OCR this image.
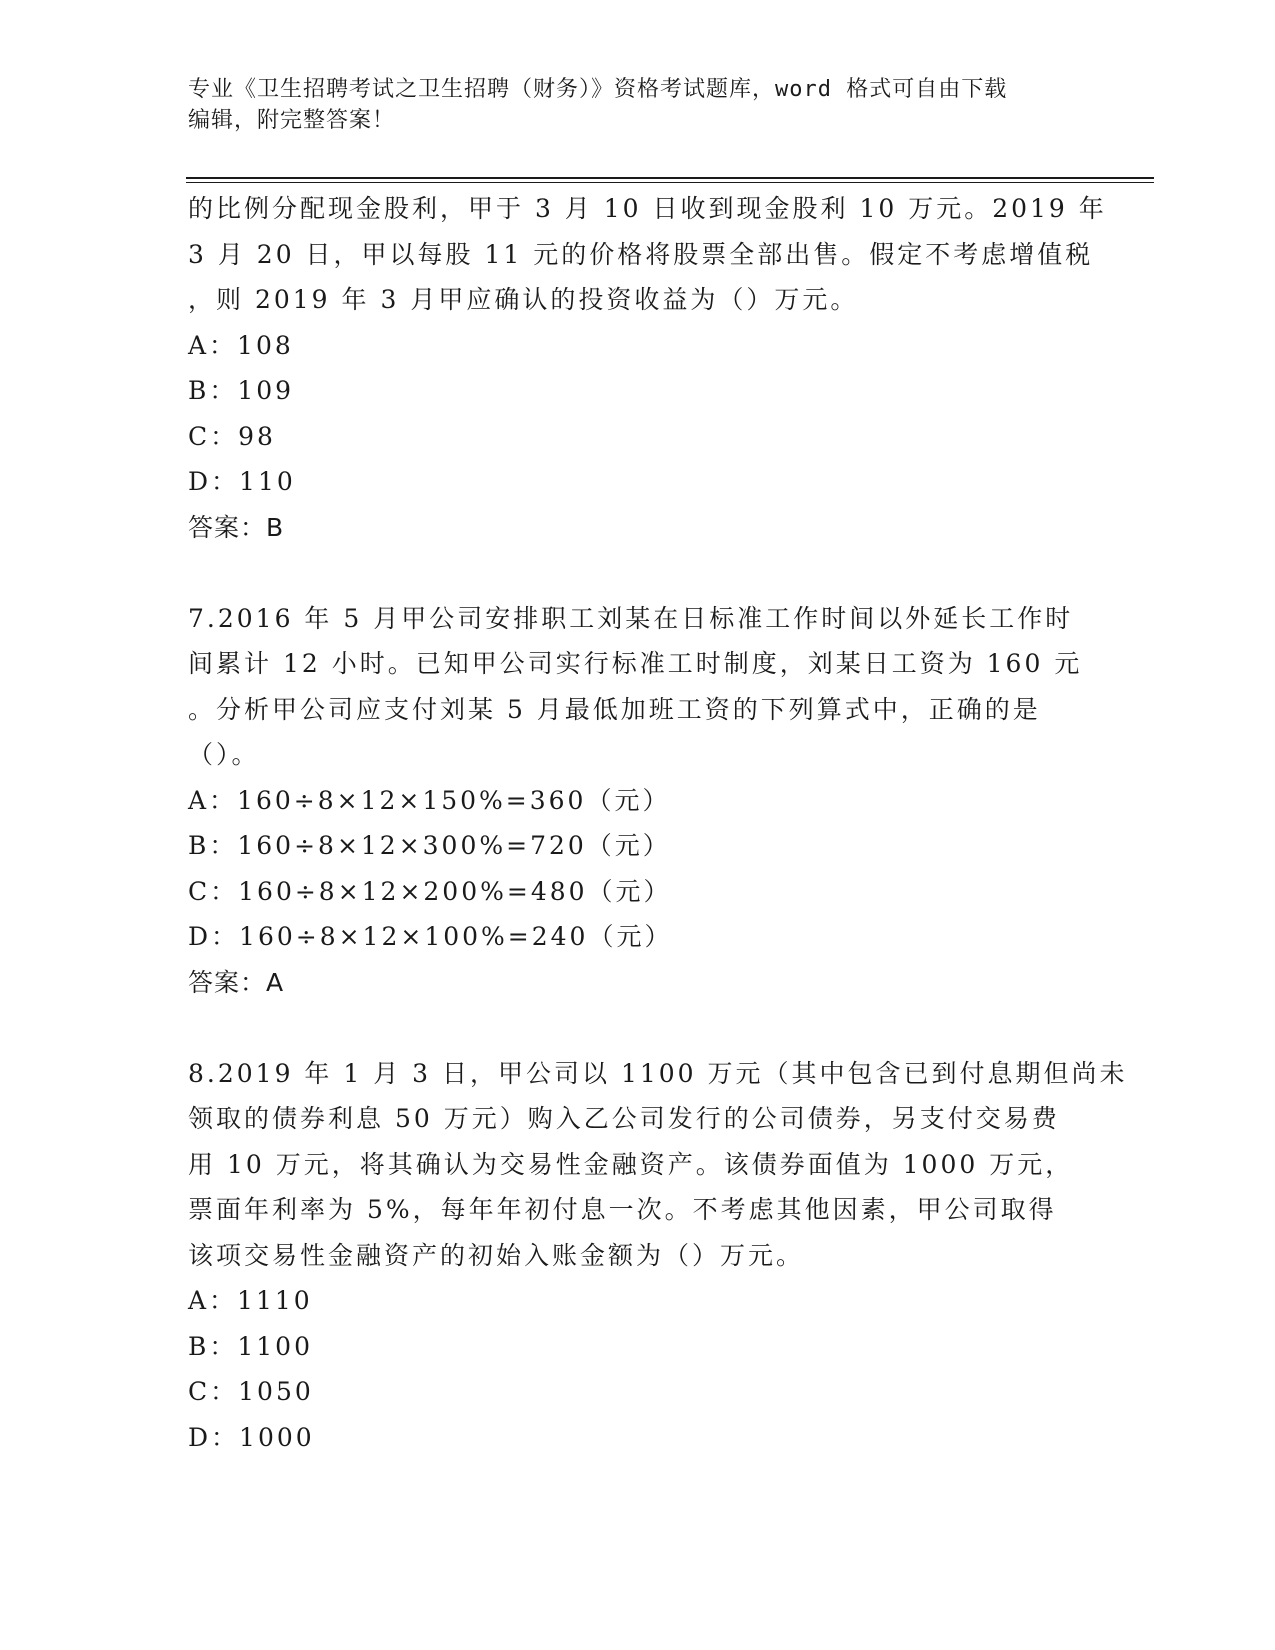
专业《卫生招聘考试之卫生招聘（财务）》资格考试题库，word 格式可自由下载
编辑，附完整答案！
的比例分配现金股利，甲于 3 月 10 日收到现金股利 10 万元。2019 年
3 月 20 日，甲以每股 11 元的价格将股票全部出售。假定不考虑增值税
，则 2019 年 3 月甲应确认的投资收益为（）万元。
A：108
B：109
C：98
D：110
答案：B
7.2016 年 5 月甲公司安排职工刘某在日标准工作时间以外延长工作时
间累计 12 小时。已知甲公司实行标准工时制度，刘某日工资为 160 元
。分析甲公司应支付刘某 5 月最低加班工资的下列算式中，正确的是
（）。
A：160÷8×12×150%=360（元）
B：160÷8×12×300%=720（元）
C：160÷8×12×200%=480（元）
D：160÷8×12×100%=240（元）
答案：A
8.2019 年 1 月 3 日，甲公司以 1100 万元（其中包含已到付息期但尚未
领取的债券利息 50 万元）购入乙公司发行的公司债券，另支付交易费
用 10 万元，将其确认为交易性金融资产。该债券面值为 1000 万元，
票面年利率为 5%，每年年初付息一次。不考虑其他因素，甲公司取得
该项交易性金融资产的初始入账金额为（）万元。
A：1110
B：1100
C：1050
D：1000
